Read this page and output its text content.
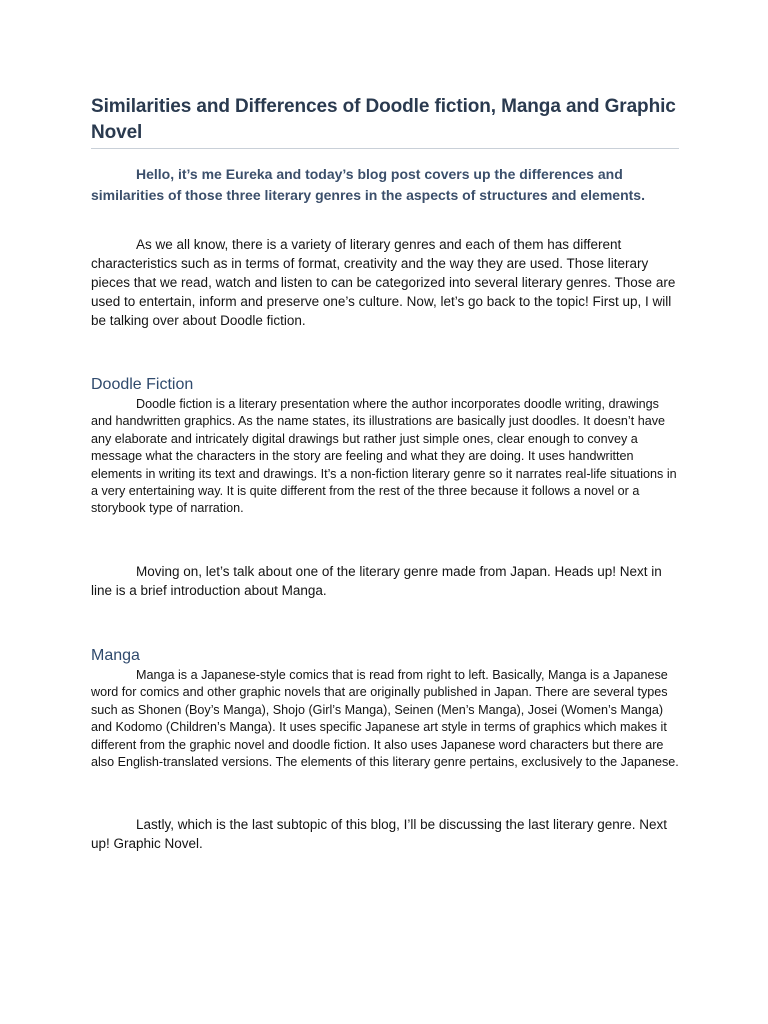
Similarities and Differences of Doodle fiction, Manga and Graphic Novel
Hello, it’s me Eureka and today’s blog post covers up the differences and similarities of those three literary genres in the aspects of structures and elements.
As we all know, there is a variety of literary genres and each of them has different characteristics such as in terms of format, creativity and the way they are used. Those literary pieces that we read, watch and listen to can be categorized into several literary genres. Those are used to entertain, inform and preserve one’s culture. Now, let’s go back to the topic! First up, I will be talking over about Doodle fiction.
Doodle Fiction
Doodle fiction is a literary presentation where the author incorporates doodle writing, drawings and handwritten graphics. As the name states, its illustrations are basically just doodles. It doesn’t have any elaborate and intricately digital drawings but rather just simple ones, clear enough to convey a message what the characters in the story are feeling and what they are doing. It uses handwritten elements in writing its text and drawings. It’s a non-fiction literary genre so it narrates real-life situations in a very entertaining way. It is quite different from the rest of the three because it follows a novel or a storybook type of narration.
Moving on, let’s talk about one of the literary genre made from Japan. Heads up! Next in line is a brief introduction about Manga.
Manga
Manga is a Japanese-style comics that is read from right to left. Basically, Manga is a Japanese word for comics and other graphic novels that are originally published in Japan. There are several types such as Shonen (Boy’s Manga), Shojo (Girl’s Manga), Seinen (Men’s Manga), Josei (Women’s Manga) and Kodomo (Children’s Manga). It uses specific Japanese art style in terms of graphics which makes it different from the graphic novel and doodle fiction. It also uses Japanese word characters but there are also English-translated versions. The elements of this literary genre pertains, exclusively to the Japanese.
Lastly, which is the last subtopic of this blog, I’ll be discussing the last literary genre. Next up! Graphic Novel.
